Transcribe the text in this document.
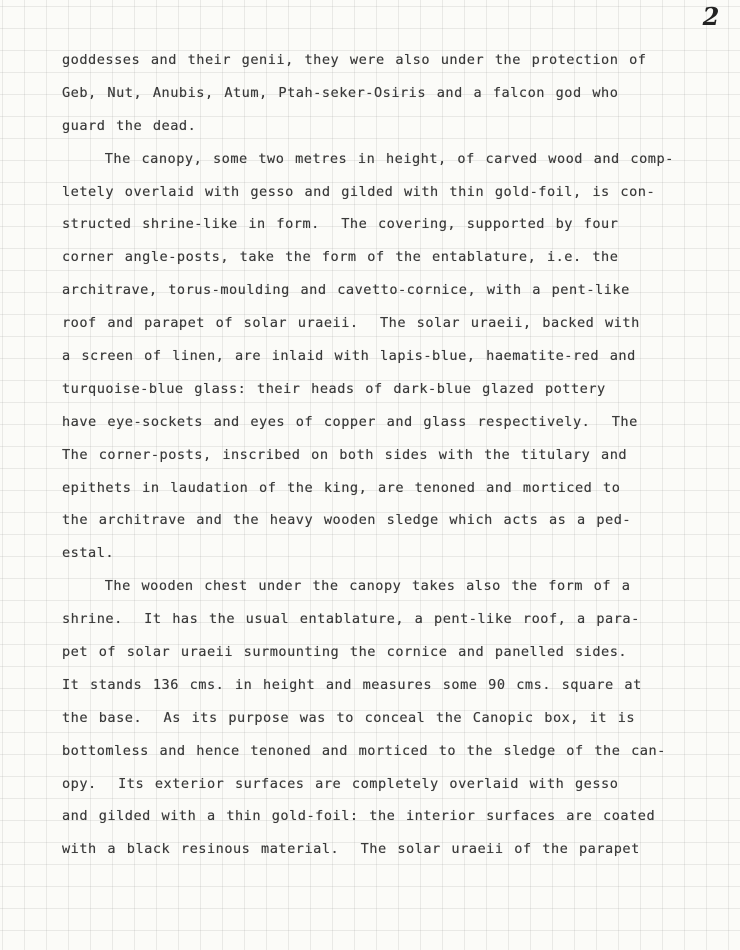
2
goddesses and their genii, they were also under the protection of
Geb, Nut, Anubis, Atum, Ptah-seker-Osiris and a falcon god who
guard the dead.
The canopy, some two metres in height, of carved wood and comp-
letely overlaid with gesso and gilded with thin gold-foil, is con-
structed shrine-like in form.  The covering, supported by four
corner angle-posts, take the form of the entablature, i.e. the
architrave, torus-moulding and cavetto-cornice, with a pent-like
roof and parapet of solar uraeii.  The solar uraeii, backed with
a screen of linen, are inlaid with lapis-blue, haematite-red and
turquoise-blue glass: their heads of dark-blue glazed pottery
have eye-sockets and eyes of copper and glass respectively.  The
The corner-posts, inscribed on both sides with the titulary and
epithets in laudation of the king, are tenoned and morticed to
the architrave and the heavy wooden sledge which acts as a ped-
estal.
The wooden chest under the canopy takes also the form of a
shrine.  It has the usual entablature, a pent-like roof, a para-
pet of solar uraeii surmounting the cornice and panelled sides.
It stands 136 cms. in height and measures some 90 cms. square at
the base.  As its purpose was to conceal the Canopic box, it is
bottomless and hence tenoned and morticed to the sledge of the can-
opy.  Its exterior surfaces are completely overlaid with gesso
and gilded with a thin gold-foil: the interior surfaces are coated
with a black resinous material.  The solar uraeii of the parapet
